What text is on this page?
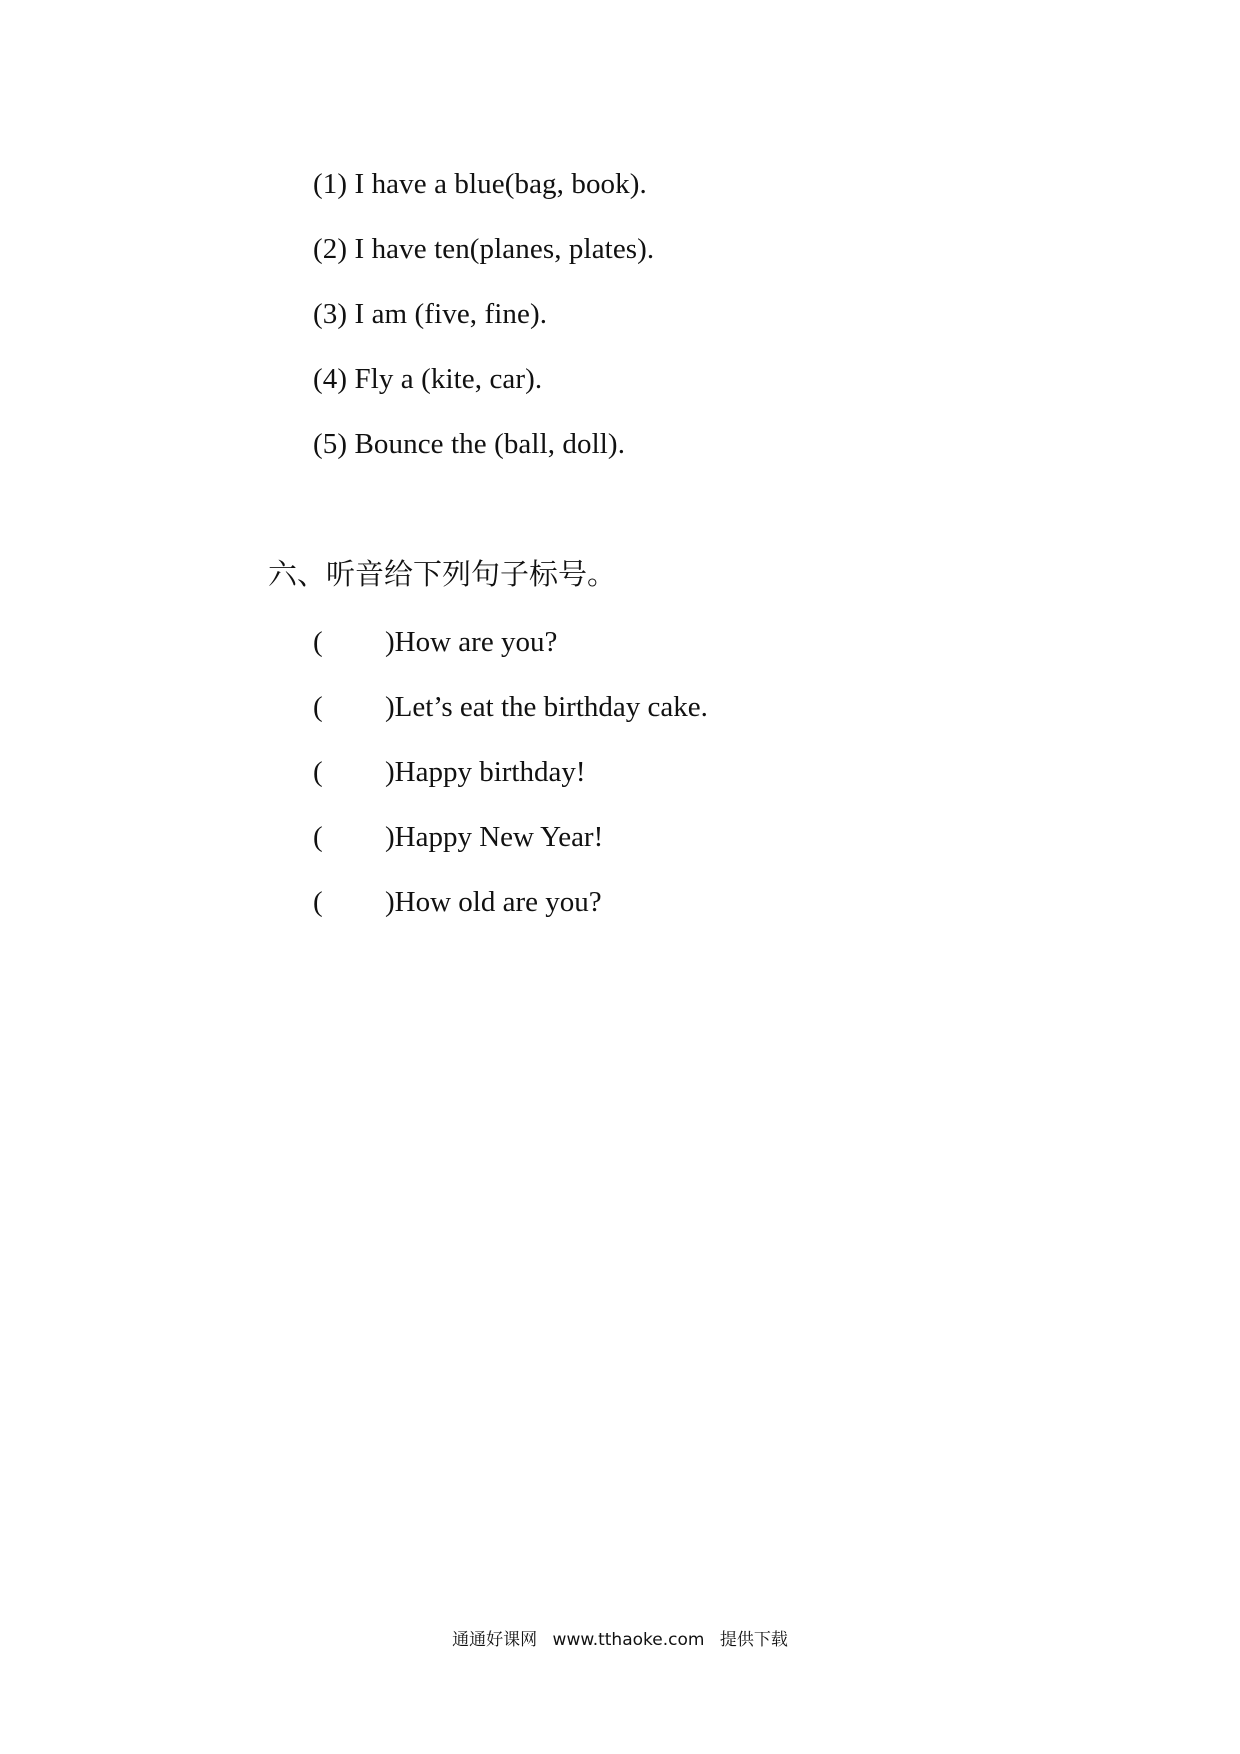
(1) I have a blue(bag, book).
(2) I have ten(planes, plates).
(3) I am (five, fine).
(4) Fly a (kite, car).
(5) Bounce the (ball, doll).
六、听音给下列句子标号。
( )How are you?
( )Let’s eat the birthday cake.
( )Happy birthday!
( )Happy New Year!
( )How old are you?
通通好课网 www.tthaoke.com 提供下载
